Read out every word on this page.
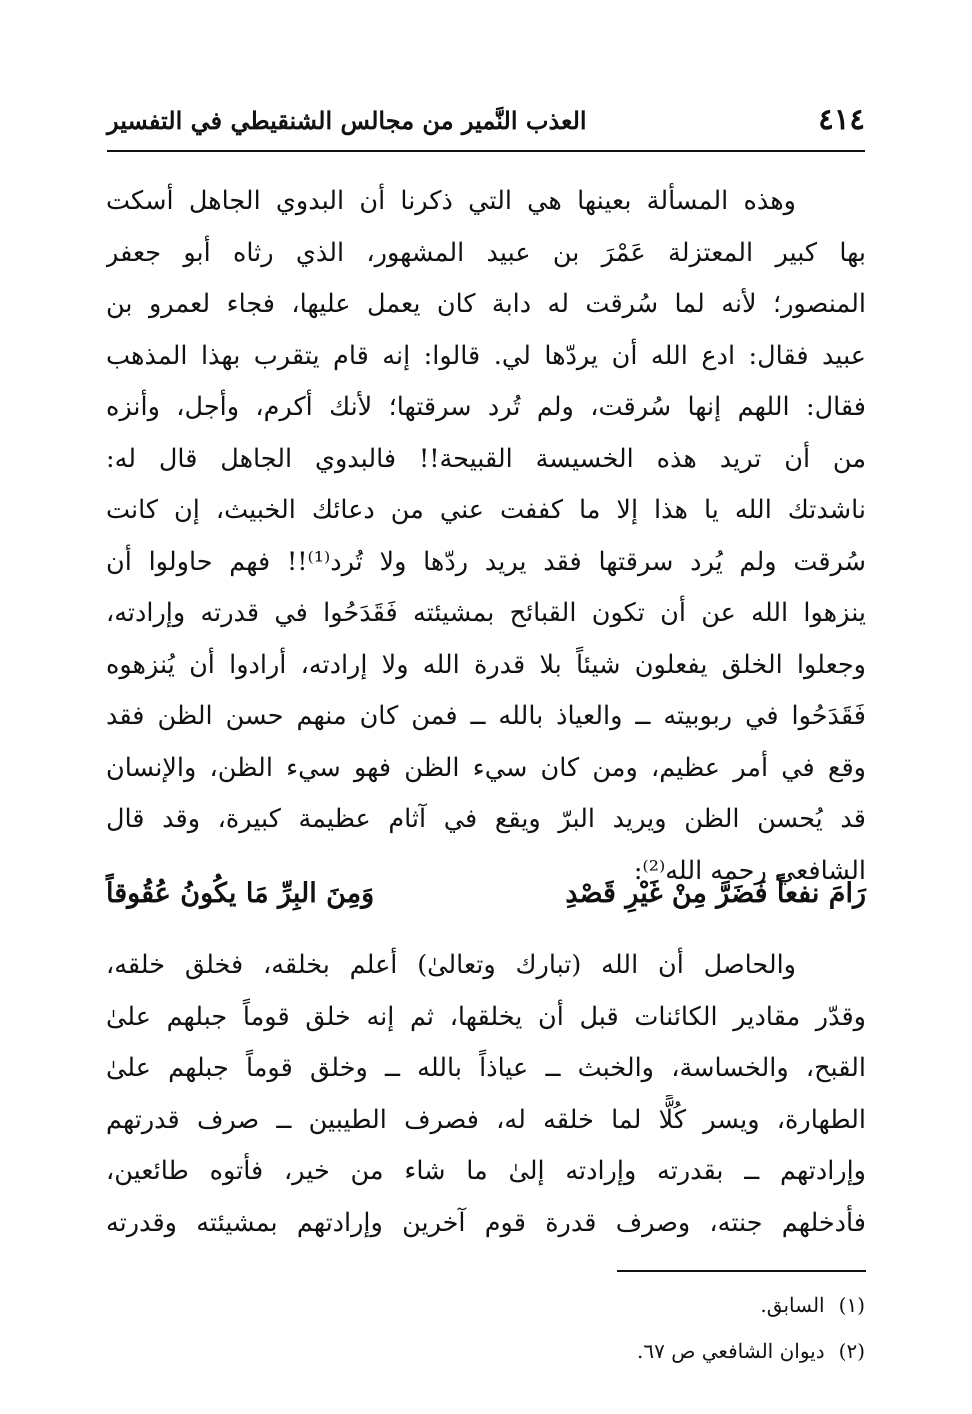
٤١٤
العذب النَّمير من مجالس الشنقيطي في التفسير
وهذه المسألة بعينها هي التي ذكرنا أن البدوي الجاهل أسكت
بها كبير المعتزلة عَمْرَ بن عبيد المشهور، الذي رثاه أبو جعفر
المنصور؛ لأنه لما سُرقت له دابة كان يعمل عليها، فجاء لعمرو بن
عبيد فقال: ادع الله أن يردّها لي. قالوا: إنه قام يتقرب بهذا المذهب
فقال: اللهم إنها سُرقت، ولم تُرد سرقتها؛ لأنك أكرم، وأجل، وأنزه
من أن تريد هذه الخسيسة القبيحة!! فالبدوي الجاهل قال له:
ناشدتك الله يا هذا إلا ما كففت عني من دعائك الخبيث، إن كانت
سُرقت ولم يُرد سرقتها فقد يريد ردّها ولا تُرد⁽¹⁾!! فهم حاولوا أن
ينزهوا الله عن أن تكون القبائح بمشيئته فَقَدَحُوا في قدرته وإرادته،
وجعلوا الخلق يفعلون شيئاً بلا قدرة الله ولا إرادته، أرادوا أن يُنزهوه
فَقَدَحُوا في ربوبيته ــ والعياذ بالله ــ فمن كان منهم حسن الظن فقد
وقع في أمر عظيم، ومن كان سيء الظن فهو سيء الظن، والإنسان
قد يُحسن الظن ويريد البرّ ويقع في آثام عظيمة كبيرة، وقد قال
الشافعي رحمه الله⁽²⁾:
رَامَ نفعاً فَضَرَّ مِنْ غَيْرِ قَصْدِ
وَمِنَ البِرِّ مَا يكُونُ عُقُوقاً
والحاصل أن الله (تبارك وتعالىٰ) أعلم بخلقه، فخلق خلقه،
وقدّر مقادير الكائنات قبل أن يخلقها، ثم إنه خلق قوماً جبلهم علىٰ
القبح، والخساسة، والخبث ــ عياذاً بالله ــ وخلق قوماً جبلهم علىٰ
الطهارة، ويسر كُلًّا لما خلقه له، فصرف الطيبين ــ صرف قدرتهم
وإرادتهم ــ بقدرته وإرادته إلىٰ ما شاء من خير، فأتوه طائعين،
فأدخلهم جنته، وصرف قدرة قوم آخرين وإرادتهم بمشيئته وقدرته
(١)السابق.
(٢)ديوان الشافعي ص ٦٧.
